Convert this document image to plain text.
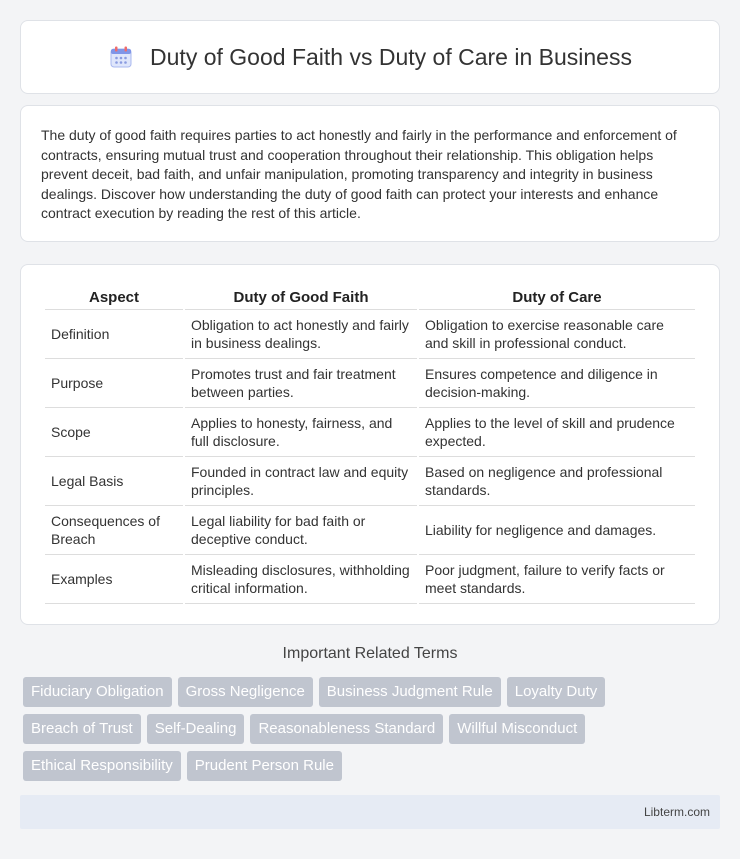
Duty of Good Faith vs Duty of Care in Business

The duty of good faith requires parties to act honestly and fairly in the performance and enforcement of contracts, ensuring mutual trust and cooperation throughout their relationship. This obligation helps prevent deceit, bad faith, and unfair manipulation, promoting transparency and integrity in business dealings. Discover how understanding the duty of good faith can protect your interests and enhance contract execution by reading the rest of this article.

Aspect	Duty of Good Faith	Duty of Care
Definition	Obligation to act honestly and fairly in business dealings.	Obligation to exercise reasonable care and skill in professional conduct.
Purpose	Promotes trust and fair treatment between parties.	Ensures competence and diligence in decision-making.
Scope	Applies to honesty, fairness, and full disclosure.	Applies to the level of skill and prudence expected.
Legal Basis	Founded in contract law and equity principles.	Based on negligence and professional standards.
Consequences of Breach	Legal liability for bad faith or deceptive conduct.	Liability for negligence and damages.
Examples	Misleading disclosures, withholding critical information.	Poor judgment, failure to verify facts or meet standards.
Important Related Terms
Fiduciary Obligation	Gross Negligence	Business Judgment Rule	Loyalty Duty
Breach of Trust	Self-Dealing	Reasonableness Standard	Willful Misconduct
Ethical Responsibility	Prudent Person Rule
Libterm.com
